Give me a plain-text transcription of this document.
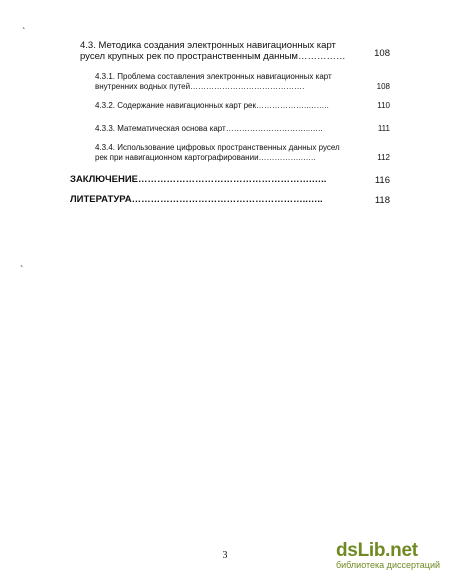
`
`
4.3. Методика создания электронных навигационных карт
русел крупных рек по пространственным данным……………	108
4.3.1. Проблема составления электронных навигационных карт
внутренних водных путей…………………………………….	108
4.3.2. Содержание навигационных карт рек………………..……..	110
4.3.3. Математическая основа карт…………………………..…..	111
4.3.4. Использование цифровых пространственных данных русел
рек при навигационном картографировании……………..…..	112
ЗАКЛЮЧЕНИЕ……………………………………………….…..	116
ЛИТЕРАТУРА………………………………………………..…..	118
3	dsLib.net
библиотека диссертаций
